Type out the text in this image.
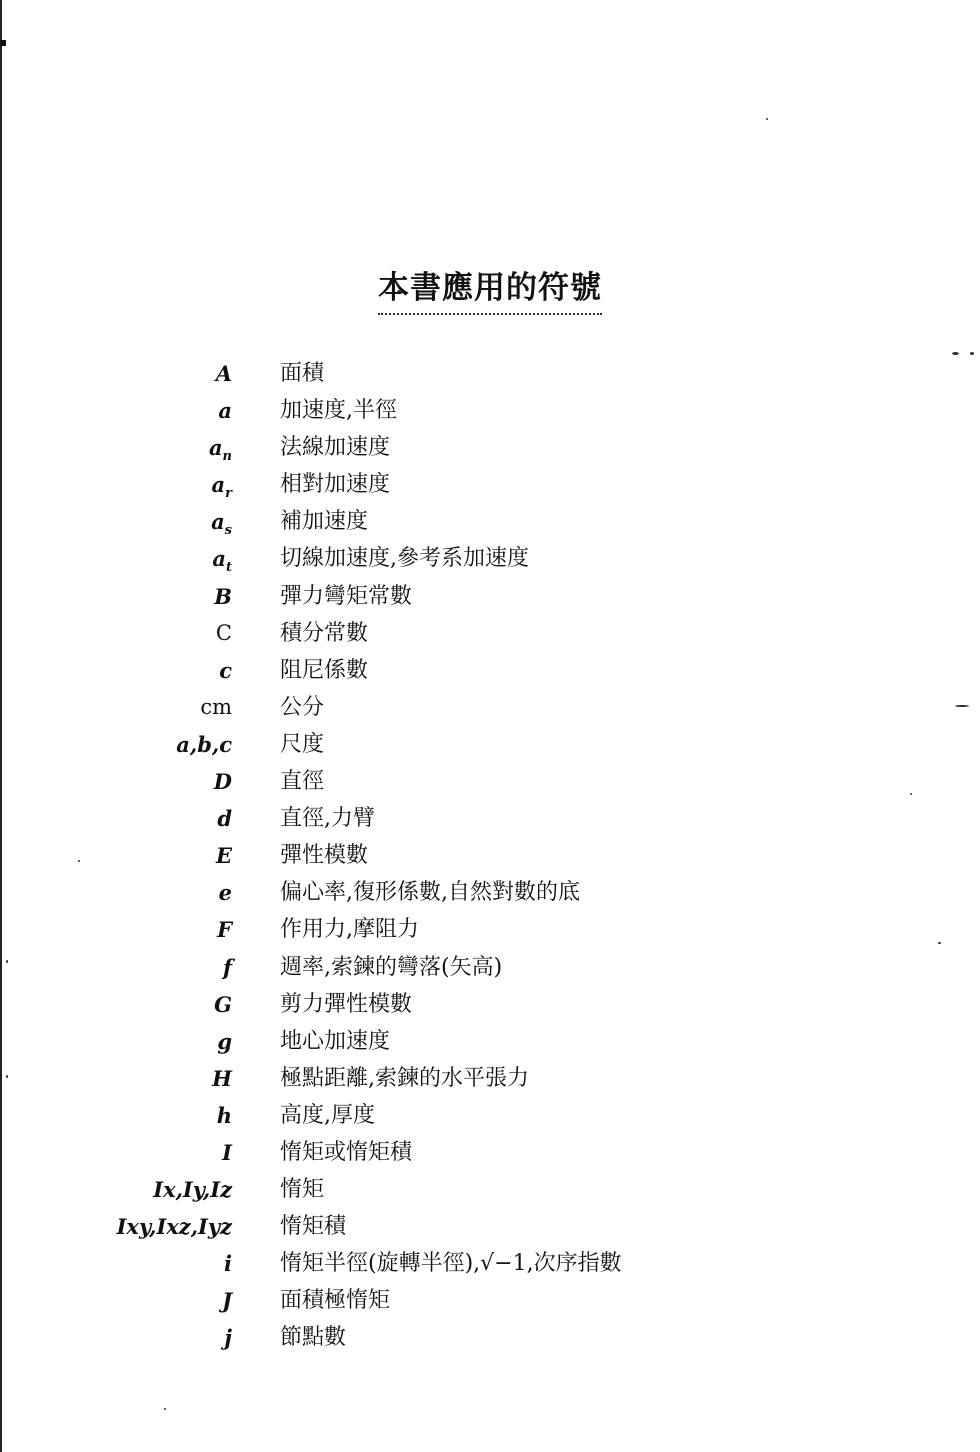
本書應用的符號
A 面積
a 加速度,半徑
$a_n$ 法線加速度
$a_r$ 相對加速度
$a_s$ 補加速度
$a_t$ 切線加速度,參考系加速度
B 彈力彎矩常數
C 積分常數
c 阻尼係數
cm 公分
a,b,c 尺度
D 直徑
d 直徑,力臂
E 彈性模數
e 偏心率,復形係數,自然對數的底
F 作用力,摩阻力
f 週率,索鍊的彎落(矢高)
G 剪力彈性模數
g 地心加速度
H 極點距離,索鍊的水平張力
h 高度,厚度
I 惰矩或惰矩積
Ix,Iy,Iz 惰矩
Ixy,Ixz,Iyz 惰矩積
i 惰矩半徑(旋轉半徑),√−1,次序指數
J 面積極惰矩
j 節點數
